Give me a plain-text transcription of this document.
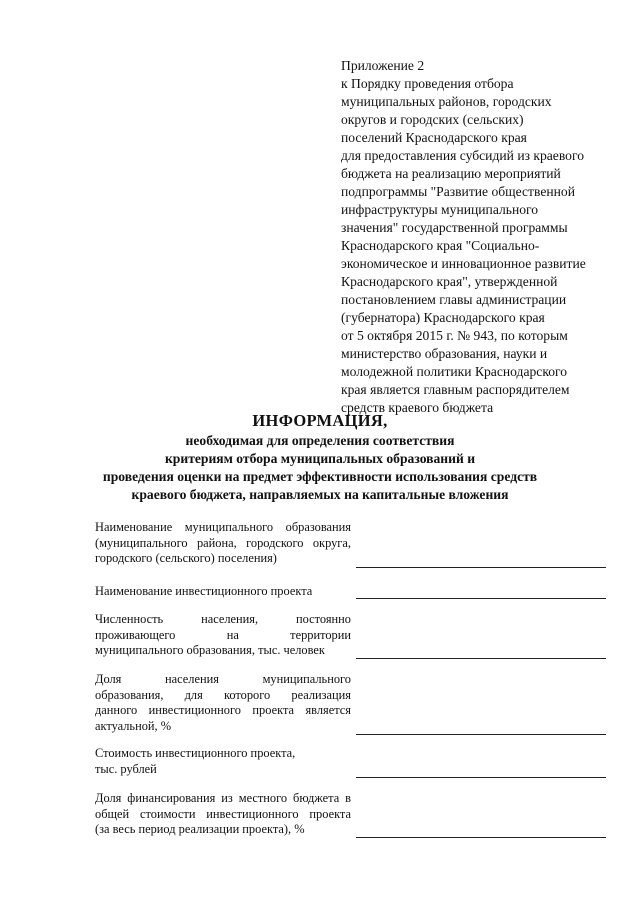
Приложение 2
к Порядку проведения отбора
муниципальных районов, городских
округов и городских (сельских)
поселений Краснодарского края
для предоставления субсидий из краевого
бюджета на реализацию мероприятий
подпрограммы "Развитие общественной
инфраструктуры муниципального
значения" государственной программы
Краснодарского края "Социально-
экономическое и инновационное развитие
Краснодарского края", утвержденной
постановлением главы администрации
(губернатора) Краснодарского края
от 5 октября 2015 г. № 943, по которым
министерство образования, науки и
молодежной политики Краснодарского
края является главным распорядителем
средств краевого бюджета
ИНФОРМАЦИЯ,
необходимая для определения соответствия
критериям отбора муниципальных образований и
проведения оценки на предмет эффективности использования средств
краевого бюджета, направляемых на капитальные вложения
Наименование муниципального образования
(муниципального района, городского округа,
городского (сельского) поселения)
Наименование инвестиционного проекта
Численность населения, постоянно
проживающего на территории
муниципального образования, тыс. человек
Доля населения муниципального
образования, для которого реализация
данного инвестиционного проекта является
актуальной, %
Стоимость инвестиционного проекта,
тыс. рублей
Доля финансирования из местного бюджета в
общей стоимости инвестиционного проекта
(за весь период реализации проекта), %
